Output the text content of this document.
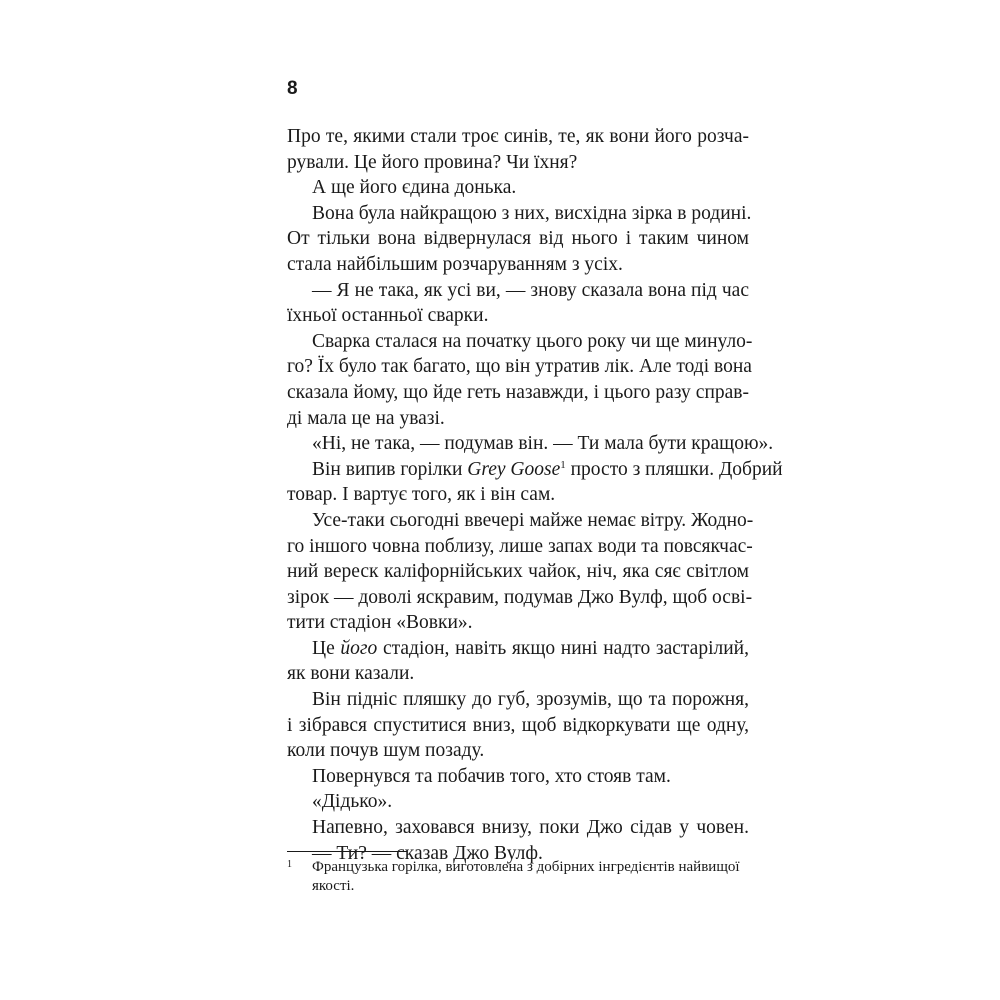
8
Про те, якими стали троє синів, те, як вони його розча-
рували. Це його провина? Чи їхня?
А ще його єдина донька.
Вона була найкращою з них, висхідна зірка в родині.
От тільки вона відвернулася від нього і таким чином
стала найбільшим розчаруванням з усіх.
— Я не така, як усі ви, — знову сказала вона під час
їхньої останньої сварки.
Сварка сталася на початку цього року чи ще минуло-
го? Їх було так багато, що він утратив лік. Але тоді вона
сказала йому, що йде геть назавжди, і цього разу справ-
ді мала це на увазі.
«Ні, не така, — подумав він. — Ти мала бути кращою».
Він випив горілки Grey Goose$^1$ просто з пляшки. Добрий
товар. І вартує того, як і він сам.
Усе-таки сьогодні ввечері майже немає вітру. Жодно-
го іншого човна поблизу, лише запах води та повсякчас-
ний вереск каліфорнійських чайок, ніч, яка сяє світлом
зірок — доволі яскравим, подумав Джо Вулф, щоб осві-
тити стадіон «Вовки».
Це його стадіон, навіть якщо нині надто застарілий,
як вони казали.
Він підніс пляшку до губ, зрозумів, що та порожня,
і зібрався спуститися вниз, щоб відкоркувати ще одну,
коли почув шум позаду.
Повернувся та побачив того, хто стояв там.
«Дідько».
Напевно, заховався внизу, поки Джо сідав у човен.
— Ти? — сказав Джо Вулф.
1	Французька горілка, виготовлена з добірних інгредієнтів найвищої
якості.
